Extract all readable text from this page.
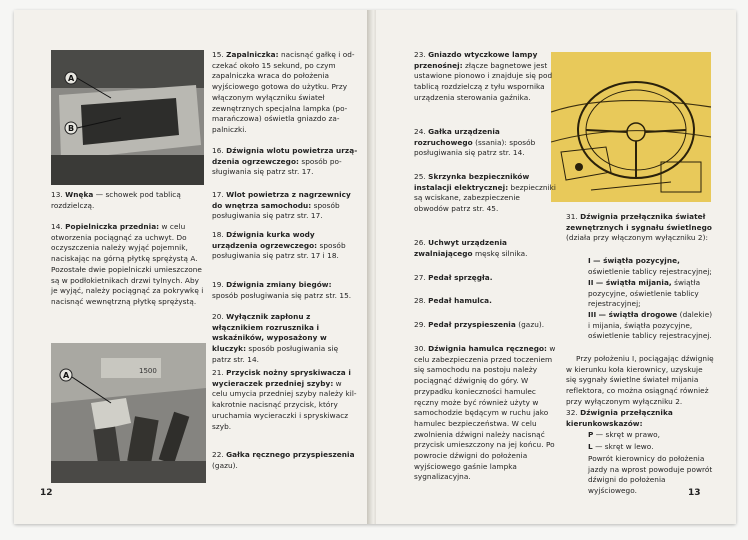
A
B
13. Wnęka — schowek pod tablicą rozdzielczą.
14. Popielniczka przednia: w celu otworzenia pociągnąć za uchwyt. Do oczyszczenia należy wyjąć pojemnik, naciskając na górną płytkę sprężystą A. Pozostałe dwie popielniczki umieszczone są w podłokietnikach drzwi tylnych. Aby je wyjąć, należy pociągnąć za pokrywkę i nacisnąć wewnętrzną płytkę sprężystą.
1500
A
15. Zapalniczka: nacisnąć gałkę i odczekać około 15 sekund, po czym zapalniczka wraca do położenia wyjściowego gotowa do użytku. Przy włączonym wyłączniku świateł zewnętrznych specjalna lampka (pomarańczowa) oświetla gniazdo zapalniczki.
16. Dźwignia wlotu powietrza urządzenia ogrzewczego: sposób posługiwania się patrz str. 17.
17. Wlot powietrza z nagrzewnicy do wnętrza samochodu: sposób posługiwania się patrz str. 17.
18. Dźwignia kurka wody urządzenia ogrzewczego: sposób posługiwania się patrz str. 17 i 18.
19. Dźwignia zmiany biegów: sposób posługiwania się patrz str. 15.
20. Wyłącznik zapłonu z włącznikiem rozrusznika i wskaźników, wyposażony w kluczyk: sposób posługiwania się patrz str. 14.
21. Przycisk nożny spryskiwacza i wycieraczek przedniej szyby: w celu umycia przedniej szyby należy kilkakrotnie nacisnąć przycisk, który uruchamia wycieraczki i spryskiwacz szyb.
22. Gałka ręcznego przyspieszenia (gazu).
12
23. Gniazdo wtyczkowe lampy przenośnej: złącze bagnetowe jest ustawione pionowo i znajduje się pod tablicą rozdzielczą z tyłu wspornika urządzenia sterowania gaźnika.
24. Gałka urządzenia rozruchowego (ssania): sposób posługiwania się patrz str. 14.
25. Skrzynka bezpieczników instalacji elektrycznej: bezpieczniki są wciskane, zabezpieczenie obwodów patrz str. 45.
26. Uchwyt urządzenia zwalniającego męskę silnika.
27. Pedał sprzęgła.
28. Pedał hamulca.
29. Pedał przyspieszenia (gazu).
30. Dźwignia hamulca ręcznego: w celu zabezpieczenia przed toczeniem się samochodu na postoju należy pociągnąć dźwignię do góry. W przypadku konieczności hamulec ręczny może być również użyty w samochodzie będącym w ruchu jako hamulec bezpieczeństwa. W celu zwolnienia dźwigni należy nacisnąć przycisk umieszczony na jej końcu. Po powrocie dźwigni do położenia wyjściowego gaśnie lampka sygnalizacyjna.
31. Dźwignia przełącznika świateł zewnętrznych i sygnału świetlnego (działa przy włączonym wyłączniku 2):
I — świątła pozycyjne, oświetlenie tablicy rejestracyjnej;
II — świątła mijania, świątła pozycyjne, oświetlenie tablicy rejestracyjnej;
III — świątła drogowe (dalekie) i mijania, świątła pozycyjne, oświetlenie tablicy rejestracyjnej.
Przy położeniu I, pociągając dźwignię w kierunku koła kierownicy, uzyskuje się sygnały świetlne świateł mijania reflektora, co można osiągnąć również przy wyłączonym wyłączniku 2.
32. Dźwignia przełącznika kierunkowskazów:
P — skręt w prawo,
L — skręt w lewo.
Powrót kierownicy do położenia jazdy na wprost powoduje powrót dźwigni do położenia wyjściowego.	13
